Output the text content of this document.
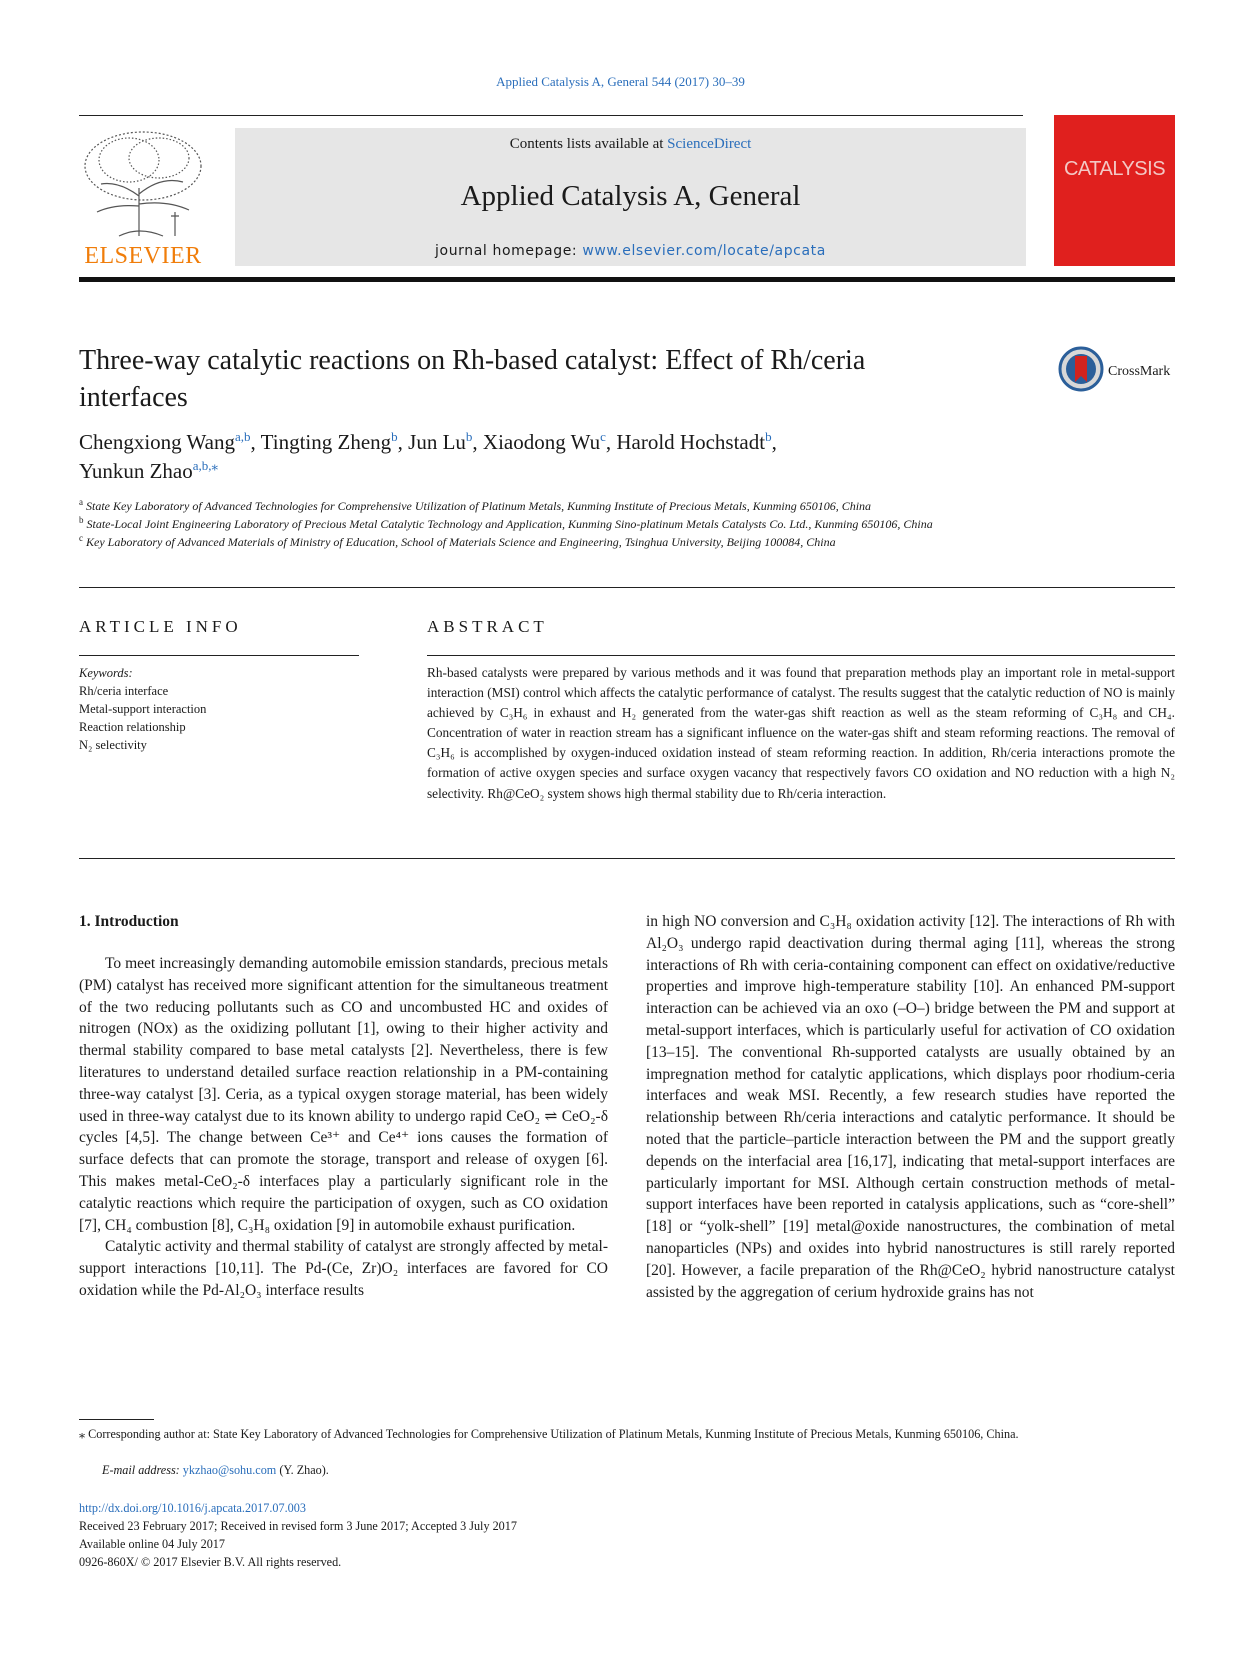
Applied Catalysis A, General 544 (2017) 30–39
ELSEVIER
Contents lists available at ScienceDirect
Applied Catalysis A, General
journal homepage: www.elsevier.com/locate/apcata
CATALYSIS
Three-way catalytic reactions on Rh-based catalyst: Effect of Rh/ceria interfaces
CrossMark
Chengxiong Wang$^{a,b}$, Tingting Zheng$^b$, Jun Lu$^b$, Xiaodong Wu$^c$, Harold Hochstadt$^b$,
Yunkun Zhao$^{a,b,⁎}$
$^a$ State Key Laboratory of Advanced Technologies for Comprehensive Utilization of Platinum Metals, Kunming Institute of Precious Metals, Kunming 650106, China
$^b$ State-Local Joint Engineering Laboratory of Precious Metal Catalytic Technology and Application, Kunming Sino-platinum Metals Catalysts Co. Ltd., Kunming 650106, China
$^c$ Key Laboratory of Advanced Materials of Ministry of Education, School of Materials Science and Engineering, Tsinghua University, Beijing 100084, China
ARTICLE INFO
Keywords:
Rh/ceria interface
Metal-support interaction
Reaction relationship
N₂ selectivity
ABSTRACT
Rh-based catalysts were prepared by various methods and it was found that preparation methods play an important role in metal-support interaction (MSI) control which affects the catalytic performance of catalyst. The results suggest that the catalytic reduction of NO is mainly achieved by C₃H₆ in exhaust and H₂ generated from the water-gas shift reaction as well as the steam reforming of C₃H₈ and CH₄. Concentration of water in reaction stream has a significant influence on the water-gas shift and steam reforming reactions. The removal of C₃H₆ is accomplished by oxygen-induced oxidation instead of steam reforming reaction. In addition, Rh/ceria interactions promote the formation of active oxygen species and surface oxygen vacancy that respectively favors CO oxidation and NO reduction with a high N₂ selectivity. Rh@CeO₂ system shows high thermal stability due to Rh/ceria interaction.
1. Introduction

To meet increasingly demanding automobile emission standards, precious metals (PM) catalyst has received more significant attention for the simultaneous treatment of the two reducing pollutants such as CO and uncombusted HC and oxides of nitrogen (NOx) as the oxidizing pollutant [1], owing to their higher activity and thermal stability compared to base metal catalysts [2]. Nevertheless, there is few literatures to understand detailed surface reaction relationship in a PM-containing three-way catalyst [3]. Ceria, as a typical oxygen storage material, has been widely used in three-way catalyst due to its known ability to undergo rapid CeO₂ ⇌ CeO₂-δ cycles [4,5]. The change between Ce³⁺ and Ce⁴⁺ ions causes the formation of surface defects that can promote the storage, transport and release of oxygen [6]. This makes metal-CeO₂-δ interfaces play a particularly significant role in the catalytic reactions which require the participation of oxygen, such as CO oxidation [7], CH₄ combustion [8], C₃H₈ oxidation [9] in automobile exhaust purification.

Catalytic activity and thermal stability of catalyst are strongly affected by metal-support interactions [10,11]. The Pd-(Ce, Zr)O₂ interfaces are favored for CO oxidation while the Pd-Al₂O₃ interface results

in high NO conversion and C₃H₈ oxidation activity [12]. The interactions of Rh with Al₂O₃ undergo rapid deactivation during thermal aging [11], whereas the strong interactions of Rh with ceria-containing component can effect on oxidative/reductive properties and improve high-temperature stability [10]. An enhanced PM-support interaction can be achieved via an oxo (–O–) bridge between the PM and support at metal-support interfaces, which is particularly useful for activation of CO oxidation [13–15]. The conventional Rh-supported catalysts are usually obtained by an impregnation method for catalytic applications, which displays poor rhodium-ceria interfaces and weak MSI. Recently, a few research studies have reported the relationship between Rh/ceria interactions and catalytic performance. It should be noted that the particle–particle interaction between the PM and the support greatly depends on the interfacial area [16,17], indicating that metal-support interfaces are particularly important for MSI. Although certain construction methods of metal-support interfaces have been reported in catalysis applications, such as “core-shell” [18] or “yolk-shell” [19] metal@oxide nanostructures, the combination of metal nanoparticles (NPs) and oxides into hybrid nanostructures is still rarely reported [20]. However, a facile preparation of the Rh@CeO₂ hybrid nanostructure catalyst assisted by the aggregation of cerium hydroxide grains has not

⁎ Corresponding author at: State Key Laboratory of Advanced Technologies for Comprehensive Utilization of Platinum Metals, Kunming Institute of Precious Metals, Kunming 650106, China.
E-mail address: ykzhao@sohu.com (Y. Zhao).
http://dx.doi.org/10.1016/j.apcata.2017.07.003
Received 23 February 2017; Received in revised form 3 June 2017; Accepted 3 July 2017
Available online 04 July 2017
0926-860X/ © 2017 Elsevier B.V. All rights reserved.
